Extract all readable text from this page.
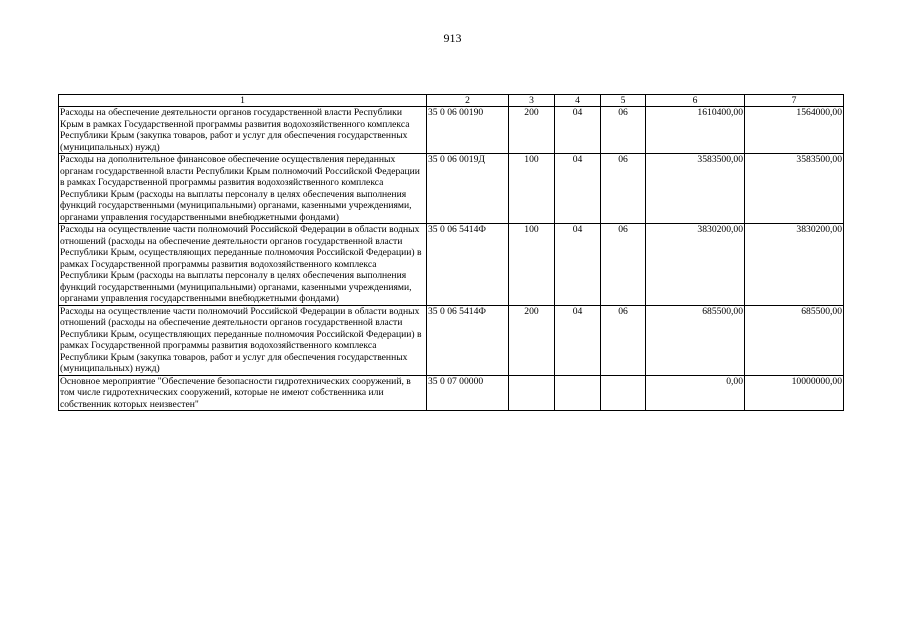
913
1	2	3	4	5	6	7
Расходы на обеспечение деятельности органов государственной власти Республики Крым в рамках Государственной программы развития водохозяйственного комплекса Республики Крым (закупка товаров, работ и услуг для обеспечения государственных (муниципальных) нужд)	35 0 06 00190	200	04	06	1610400,00	1564000,00
Расходы на дополнительное финансовое обеспечение осуществления переданных органам государственной власти Республики Крым полномочий Российской Федерации в рамках Государственной программы развития водохозяйственного комплекса Республики Крым (расходы на выплаты персоналу в целях обеспечения выполнения функций государственными (муниципальными) органами, казенными учреждениями, органами управления государственными внебюджетными фондами)	35 0 06 0019Д	100	04	06	3583500,00	3583500,00
Расходы на осуществление части полномочий Российской Федерации в области водных отношений (расходы на обеспечение деятельности органов государственной власти Республики Крым, осуществляющих переданные полномочия Российской Федерации) в рамках Государственной программы развития водохозяйственного комплекса Республики Крым (расходы на выплаты персоналу в целях обеспечения выполнения функций государственными (муниципальными) органами, казенными учреждениями, органами управления государственными внебюджетными фондами)	35 0 06 5414Ф	100	04	06	3830200,00	3830200,00
Расходы на осуществление части полномочий Российской Федерации в области водных отношений (расходы на обеспечение деятельности органов государственной власти Республики Крым, осуществляющих переданные полномочия Российской Федерации) в рамках Государственной программы развития водохозяйственного комплекса Республики Крым (закупка товаров, работ и услуг для обеспечения государственных (муниципальных) нужд)	35 0 06 5414Ф	200	04	06	685500,00	685500,00
Основное мероприятие "Обеспечение безопасности гидротехнических сооружений, в том числе гидротехнических сооружений, которые не имеют собственника или собственник которых неизвестен"	35 0 07 00000				0,00	10000000,00
